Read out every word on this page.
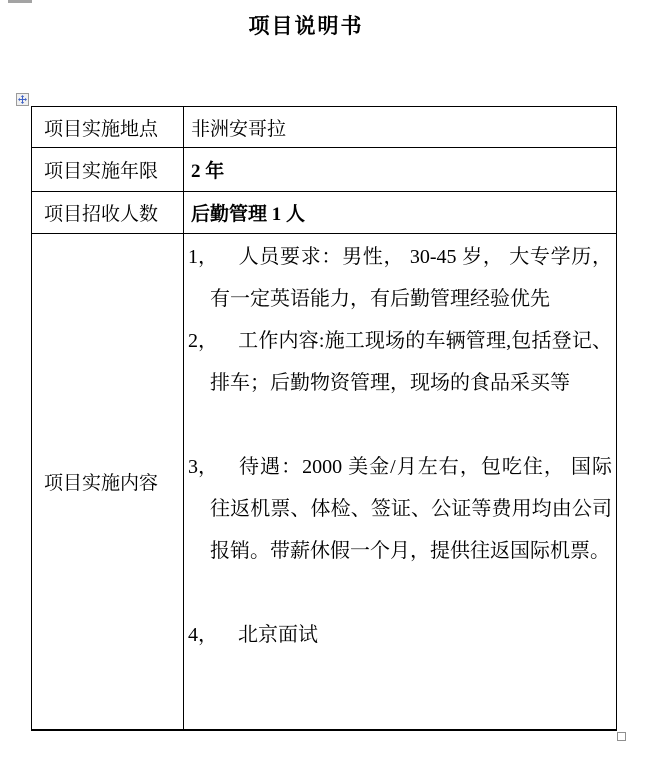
项目说明书
项目实施地点	非洲安哥拉
项目实施年限	2 年
项目招收人数	后勤管理 1 人
项目实施内容	1， 人员要求：男性， 30-45 岁， 大专学历，有一定英语能力，有后勤管理经验优先

2， 工作内容:施工现场的车辆管理,包括登记、排车；后勤物资管理，现场的食品采买等

3， 待遇：2000 美金/月左右，包吃住， 国际往返机票、体检、签证、公证等费用均由公司报销。带薪休假一个月，提供往返国际机票。

4， 北京面试
